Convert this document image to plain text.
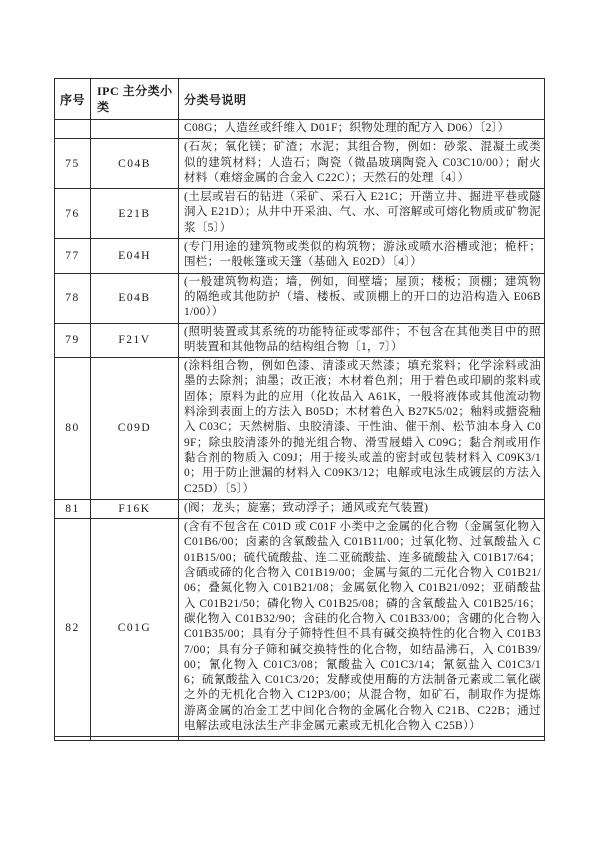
序号	IPC 主分类小类	分类号说明
		C08G；人造丝或纤维入 D01F；织物处理的配方入 D06）〔2〕）
75	C04B	(石灰；氧化镁；矿渣；水泥；其组合物，例如：砂浆、混凝土或类似的建筑材料；人造石；陶瓷（微晶玻璃陶瓷入 C03C10/00）；耐火材料（难熔金属的合金入 C22C）；天然石的处理〔4〕）
76	E21B	(土层或岩石的钻进（采矿、采石入 E21C；开凿立井、掘进平巷或隧洞入 E21D）；从井中开采油、气、水、可溶解或可熔化物质或矿物泥浆〔5〕）
77	E04H	(专门用途的建筑物或类似的构筑物；游泳或喷水浴槽或池；桅杆；围栏；一般帐篷或天篷（基础入 E02D）〔4〕）
78	E04B	(一般建筑物构造；墙，例如，间壁墙；屋顶；楼板；顶棚；建筑物的隔绝或其他防护（墙、楼板、或顶棚上的开口的边沿构造入 E06B1/00））
79	F21V	(照明装置或其系统的功能特征或零部件；不包含在其他类目中的照明装置和其他物品的结构组合物〔1，7〕）
80	C09D	(涂料组合物，例如色漆、清漆或天然漆；填充浆料；化学涂料或油墨的去除剂；油墨；改正液；木材着色剂；用于着色或印刷的浆料或固体；原料为此的应用（化妆品入 A61K，一般将液体或其他流动物料涂到表面上的方法入 B05D；木材着色入 B27K5/02；釉料或搪瓷釉入 C03C；天然树脂、虫胶清漆、干性油、催干剂、松节油本身入 C09F；除虫胶清漆外的抛光组合物、滑雪屐蜡入 C09G；黏合剂或用作黏合剂的物质入 C09J；用于接头或盖的密封或包装材料入 C09K3/10；用于防止泄漏的材料入 C09K3/12；电解或电泳生成镀层的方法入 C25D）〔5〕）
81	F16K	(阀；龙头；旋塞；致动浮子；通风或充气装置)
82	C01G	(含有不包含在 C01D 或 C01F 小类中之金属的化合物（金属氢化物入 C01B6/00；卤素的含氧酸盐入 C01B11/00；过氧化物、过氧酸盐入 C01B15/00；硫代硫酸盐、连二亚硫酸盐、连多硫酸盐入 C01B17/64；含硒或碲的化合物入 C01B19/00；金属与氮的二元化合物入 C01B21/06；叠氮化物入 C01B21/08；金属氨化物入 C01B21/092；亚硝酸盐入 C01B21/50；磷化物入 C01B25/08；磷的含氧酸盐入 C01B25/16；碳化物入 C01B32/90；含硅的化合物入 C01B33/00；含硼的化合物入 C01B35/00；具有分子筛特性但不具有碱交换特性的化合物入 C01B37/00；具有分子筛和碱交换特性的化合物，如结晶沸石，入 C01B39/00；氰化物入 C01C3/08；氰酸盐入 C01C3/14；氰氨盐入 C01C3/16；硫氰酸盐入 C01C3/20；发酵或使用酶的方法制备元素或二氧化碳之外的无机化合物入 C12P3/00；从混合物，如矿石，制取作为提炼游离金属的冶金工艺中间化合物的金属化合物入 C21B、C22B；通过电解法或电泳法生产非金属元素或无机化合物入 C25B））
